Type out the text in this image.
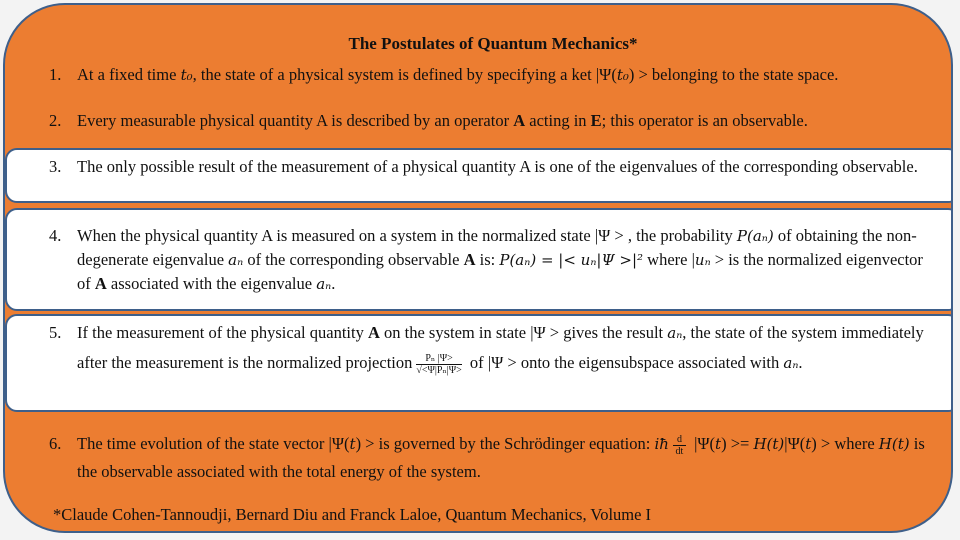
The Postulates of Quantum Mechanics*
1. At a fixed time t₀, the state of a physical system is defined by specifying a ket |Ψ(t₀) > belonging to the state space.
2. Every measurable physical quantity A is described by an operator A acting in E; this operator is an observable.
3. The only possible result of the measurement of a physical quantity A is one of the eigenvalues of the corresponding observable.
4. When the physical quantity A is measured on a system in the normalized state |Ψ > , the probability P(aₙ) of obtaining the non-degenerate eigenvalue aₙ of the corresponding observable A is: P(aₙ) = |< uₙ|Ψ >|² where |uₙ > is the normalized eigenvector of A associated with the eigenvalue aₙ.
5. If the measurement of the physical quantity A on the system in state |Ψ > gives the result aₙ, the state of the system immediately after the measurement is the normalized projection $\frac{\text{Pₙ |Ψ>}}{\text{√<Ψ|Pₙ|Ψ>}}$ of |Ψ > onto the eigensubspace associated with aₙ.
6. The time evolution of the state vector |Ψ(t) > is governed by the Schrödinger equation: iħ $\frac{d}{dt} |\Psi(t) >= H(t)|\Psi(t)$ > where H(t) is the observable associated with the total energy of the system.
*Claude Cohen-Tannoudji, Bernard Diu and Franck Laloe, Quantum Mechanics, Volume I
